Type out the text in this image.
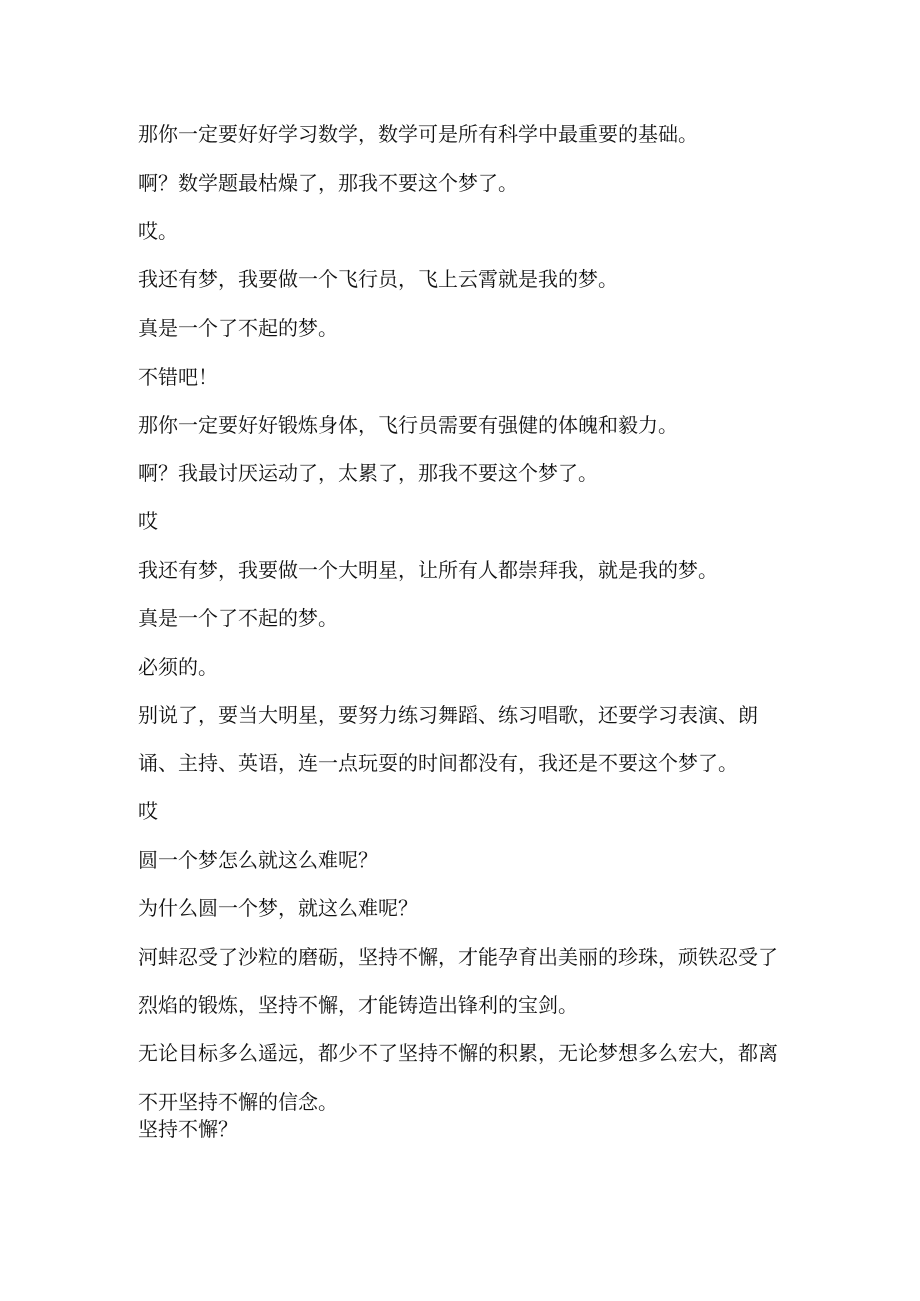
那你一定要好好学习数学，数学可是所有科学中最重要的基础。

啊？数学题最枯燥了，那我不要这个梦了。

哎。

我还有梦，我要做一个飞行员，飞上云霄就是我的梦。

真是一个了不起的梦。

不错吧！

那你一定要好好锻炼身体，飞行员需要有强健的体魄和毅力。

啊？我最讨厌运动了，太累了，那我不要这个梦了。

哎

我还有梦，我要做一个大明星，让所有人都崇拜我，就是我的梦。

真是一个了不起的梦。

必须的。

别说了，要当大明星，要努力练习舞蹈、练习唱歌，还要学习表演、朗

诵、主持、英语，连一点玩耍的时间都没有，我还是不要这个梦了。

哎

圆一个梦怎么就这么难呢？

为什么圆一个梦，就这么难呢？

河蚌忍受了沙粒的磨砺，坚持不懈，才能孕育出美丽的珍珠，顽铁忍受了

烈焰的锻炼，坚持不懈，才能铸造出锋利的宝剑。

无论目标多么遥远，都少不了坚持不懈的积累，无论梦想多么宏大，都离

不开坚持不懈的信念。

坚持不懈？
